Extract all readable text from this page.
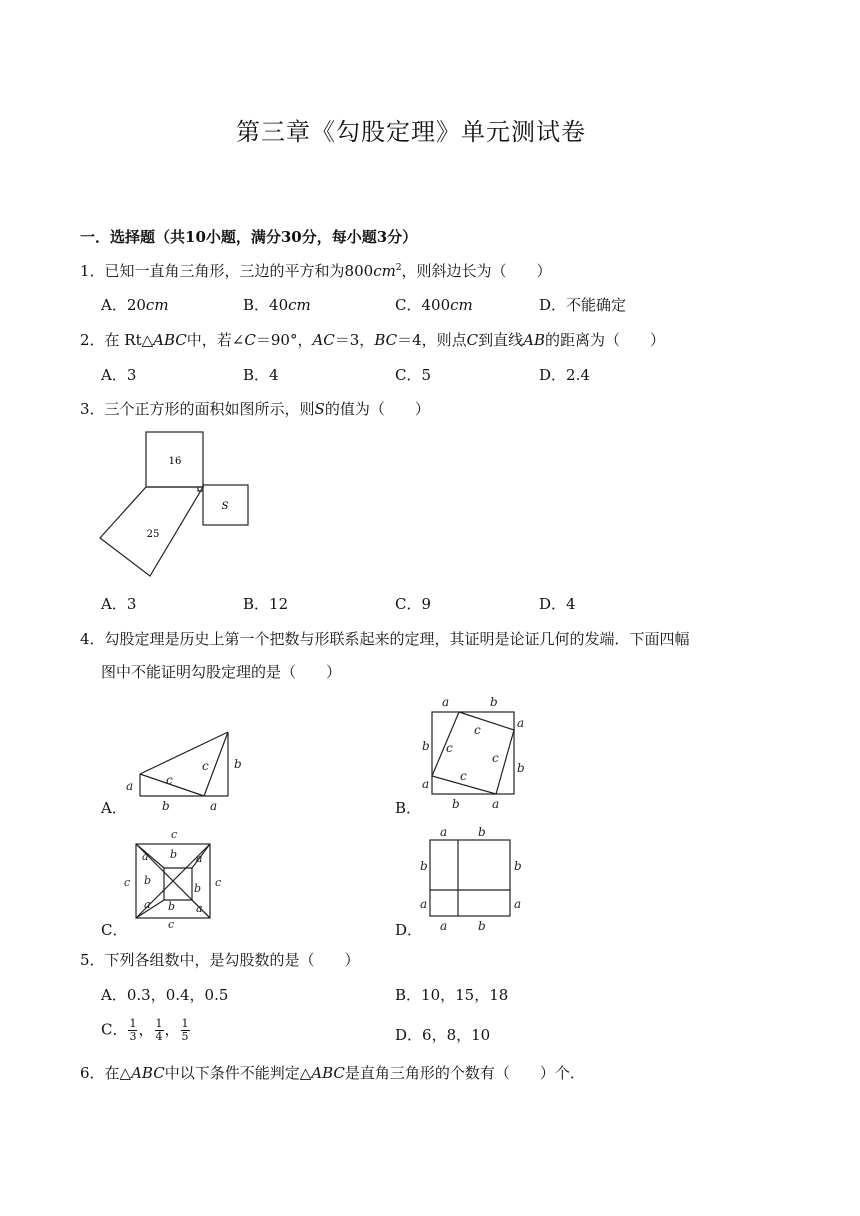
第三章《勾股定理》单元测试卷
一．选择题（共10小题，满分30分，每小题3分）
1．已知一直角三角形，三边的平方和为$800cm^2$，则斜边长为（　　）
A．20cm	B．40cm	C．400cm	D．不能确定
2．在 Rt△ABC中，若∠C＝90°，AC＝3，BC＝4，则点C到直线AB的距离为（　　）
A．3	B．4	C．5	D．2.4
3．三个正方形的面积如图所示，则S的值为（　　）
16
25
S
A．3	B．12	C．9	D．4
4．勾股定理是历史上第一个把数与形联系起来的定理，其证明是论证几何的发端．下面四幅
图中不能证明勾股定理的是（　　）
a
b	a
b
c
c
A．
a	b
a
b
b
a
b	a
c
c
c
c
B．
c
a b a
c	c
b
b
a b a
c
C．
a	b
b	b
a	a
a	b
D．
5．下列各组数中，是勾股数的是（　　）
A．0.3，0.4，0.5	B．10，15，18
C． $\frac{1}{3}$ ， $\frac{1}{4}$ ， $\frac{1}{5}$	D．6，8，10
6．在△ABC中以下条件不能判定△ABC是直角三角形的个数有（　　）个．
